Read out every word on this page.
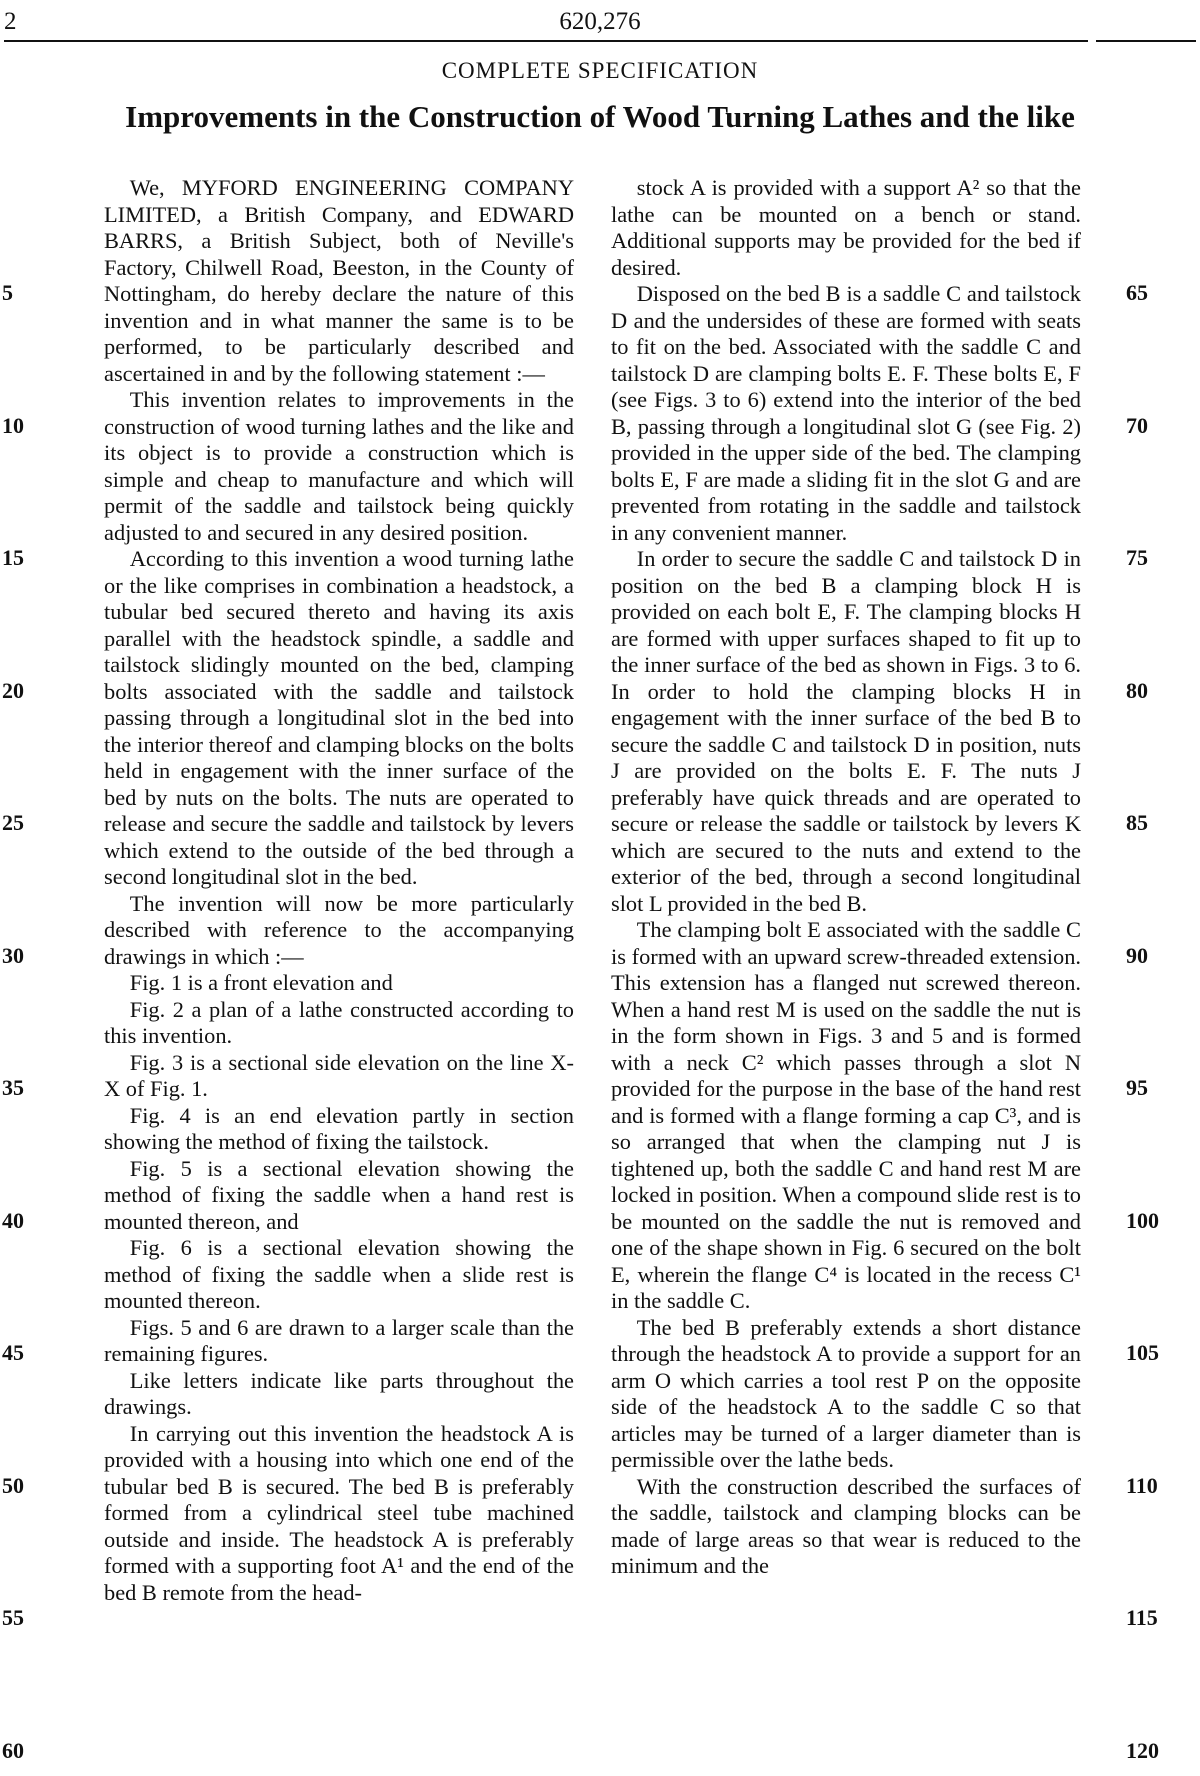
2	620,276
COMPLETE SPECIFICATION
Improvements in the Construction of Wood Turning Lathes and the like

We, MYFORD ENGINEERING COMPANY LIMITED, a British Company, and EDWARD BARRS, a British Subject, both of Neville's Factory, Chilwell Road, Beeston, in the County of Nottingham, do hereby declare the nature of this invention and in what manner the same is to be performed, to be particularly described and ascertained in and by the following statement :—

This invention relates to improvements in the construction of wood turning lathes and the like and its object is to provide a construction which is simple and cheap to manufacture and which will permit of the saddle and tailstock being quickly adjusted to and secured in any desired position.

According to this invention a wood turning lathe or the like comprises in combination a headstock, a tubular bed secured thereto and having its axis parallel with the headstock spindle, a saddle and tailstock slidingly mounted on the bed, clamping bolts associated with the saddle and tailstock passing through a longitudinal slot in the bed into the interior thereof and clamping blocks on the bolts held in engagement with the inner surface of the bed by nuts on the bolts. The nuts are operated to release and secure the saddle and tailstock by levers which extend to the outside of the bed through a second longitudinal slot in the bed.

The invention will now be more particularly described with reference to the accompanying drawings in which :—

Fig. 1 is a front elevation and

Fig. 2 a plan of a lathe constructed according to this invention.

Fig. 3 is a sectional side elevation on the line X-X of Fig. 1.

Fig. 4 is an end elevation partly in section showing the method of fixing the tailstock.

Fig. 5 is a sectional elevation showing the method of fixing the saddle when a hand rest is mounted thereon, and

Fig. 6 is a sectional elevation showing the method of fixing the saddle when a slide rest is mounted thereon.

Figs. 5 and 6 are drawn to a larger scale than the remaining figures.

Like letters indicate like parts throughout the drawings.

In carrying out this invention the headstock A is provided with a housing into which one end of the tubular bed B is secured. The bed B is preferably formed from a cylindrical steel tube machined outside and inside. The headstock A is preferably formed with a supporting foot A¹ and the end of the bed B remote from the head-

stock A is provided with a support A² so that the lathe can be mounted on a bench or stand. Additional supports may be provided for the bed if desired.

Disposed on the bed B is a saddle C and tailstock D and the undersides of these are formed with seats to fit on the bed. Associated with the saddle C and tailstock D are clamping bolts E. F. These bolts E, F (see Figs. 3 to 6) extend into the interior of the bed B, passing through a longitudinal slot G (see Fig. 2) provided in the upper side of the bed. The clamping bolts E, F are made a sliding fit in the slot G and are prevented from rotating in the saddle and tailstock in any convenient manner.

In order to secure the saddle C and tailstock D in position on the bed B a clamping block H is provided on each bolt E, F. The clamping blocks H are formed with upper surfaces shaped to fit up to the inner surface of the bed as shown in Figs. 3 to 6. In order to hold the clamping blocks H in engagement with the inner surface of the bed B to secure the saddle C and tailstock D in position, nuts J are provided on the bolts E. F. The nuts J preferably have quick threads and are operated to secure or release the saddle or tailstock by levers K which are secured to the nuts and extend to the exterior of the bed, through a second longitudinal slot L provided in the bed B.

The clamping bolt E associated with the saddle C is formed with an upward screw-threaded extension. This extension has a flanged nut screwed thereon. When a hand rest M is used on the saddle the nut is in the form shown in Figs. 3 and 5 and is formed with a neck C² which passes through a slot N provided for the purpose in the base of the hand rest and is formed with a flange forming a cap C³, and is so arranged that when the clamping nut J is tightened up, both the saddle C and hand rest M are locked in position. When a compound slide rest is to be mounted on the saddle the nut is removed and one of the shape shown in Fig. 6 secured on the bolt E, wherein the flange C⁴ is located in the recess C¹ in the saddle C.

The bed B preferably extends a short distance through the headstock A to provide a support for an arm O which carries a tool rest P on the opposite side of the headstock A to the saddle C so that articles may be turned of a larger diameter than is permissible over the lathe beds.

With the construction described the surfaces of the saddle, tailstock and clamping blocks can be made of large areas so that wear is reduced to the minimum and the

5
10
15
20
25
30
35
40
45
50
55
60
65
70
75
80
85
90
95
100
105
110
115
120
